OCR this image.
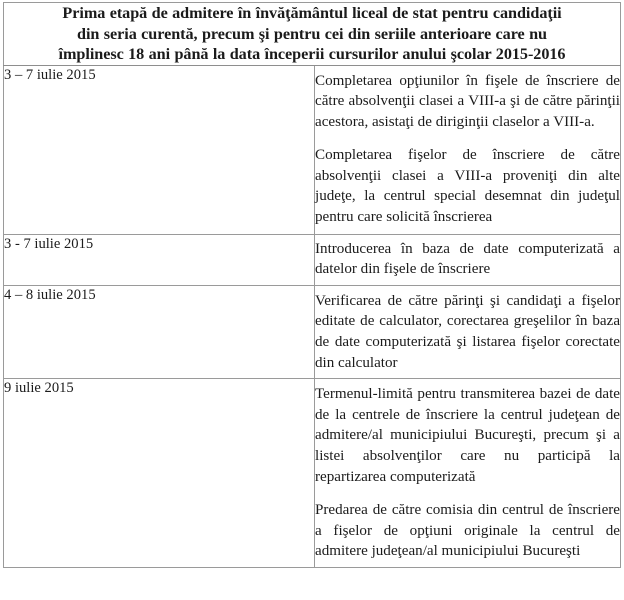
Prima etapă de admitere în învăţământul liceal de stat pentru candidaţii
din seria curentă, precum şi pentru cei din seriile anterioare care nu
împlinesc 18 ani până la data începerii cursurilor anului şcolar 2015-2016	

3 – 7 iulie 2015	Completarea opţiunilor în fişele de înscriere de către absolvenţii clasei a VIII-a şi de către părinţii acestora, asistaţi de diriginţii claselor a VIII-a.

Completarea fişelor de înscriere de către absolvenţii clasei a VIII-a proveniţi din alte judeţe, la centrul special desemnat din judeţul pentru care solicită înscrierea

3 - 7 iulie 2015	Introducerea în baza de date computerizată a datelor din fişele de înscriere

4 – 8 iulie 2015	Verificarea de către părinţi şi candidaţi a fişelor editate de calculator, corectarea greşelilor în baza de date computerizată şi listarea fişelor corectate din calculator

9 iulie 2015	Termenul-limită pentru transmiterea bazei de date de la centrele de înscriere la centrul judeţean de admitere/al municipiului Bucureşti, precum şi a listei absolvenţilor care nu participă la repartizarea computerizată

Predarea de către comisia din centrul de înscriere a fişelor de opţiuni originale la centrul de admitere judeţean/al municipiului Bucureşti
